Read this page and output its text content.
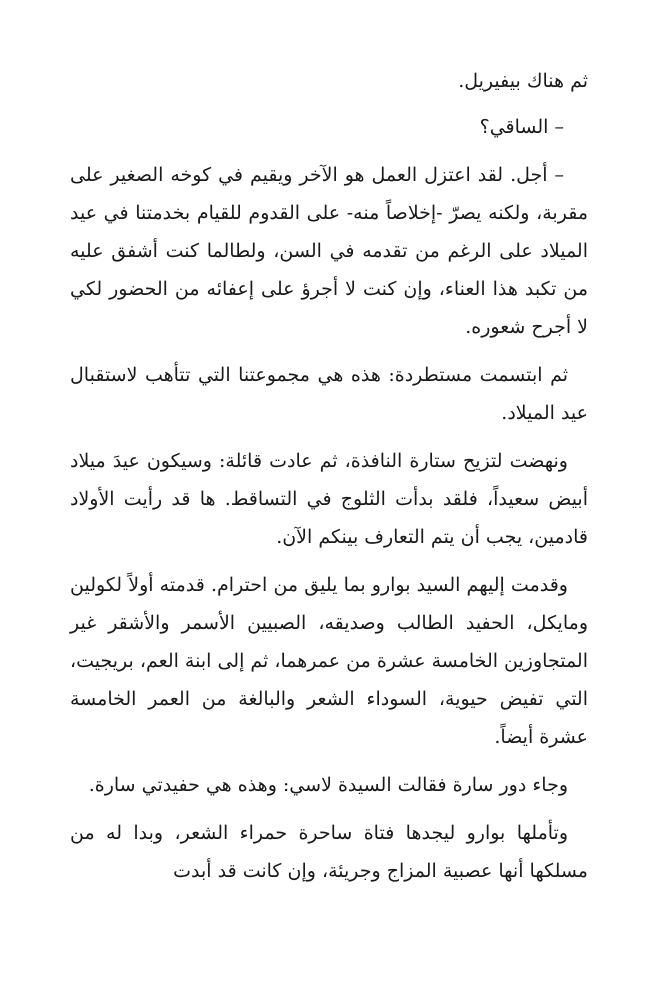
ثم هناك بيفيريل.

– الساقي؟

– أجل. لقد اعتزل العمل هو الآخر ويقيم في كوخه الصغير على مقربة، ولكنه يصرّ -إخلاصاً منه- على القدوم للقيام بخدمتنا في عيد الميلاد على الرغم من تقدمه في السن، ولطالما كنت أشفق عليه من تكبد هذا العناء، وإن كنت لا أجرؤ على إعفائه من الحضور لكي لا أجرح شعوره.

ثم ابتسمت مستطردة: هذه هي مجموعتنا التي تتأهب لاستقبال عيد الميلاد.

ونهضت لتزيح ستارة النافذة، ثم عادت قائلة: وسيكون عيدَ ميلاد أبيض سعيداً، فلقد بدأت الثلوج في التساقط. ها قد رأيت الأولاد قادمين، يجب أن يتم التعارف بينكم الآن.

وقدمت إليهم السيد بوارو بما يليق من احترام. قدمته أولاً لكولين ومايكل، الحفيد الطالب وصديقه، الصبيين الأسمر والأشقر غير المتجاوزين الخامسة عشرة من عمرهما، ثم إلى ابنة العم، بريجيت، التي تفيض حيوية، السوداء الشعر والبالغة من العمر الخامسة عشرة أيضاً.

وجاء دور سارة فقالت السيدة لاسي: وهذه هي حفيدتي سارة.

وتأملها بوارو ليجدها فتاة ساحرة حمراء الشعر، وبدا له من مسلكها أنها عصبية المزاج وجريئة، وإن كانت قد أبدت
